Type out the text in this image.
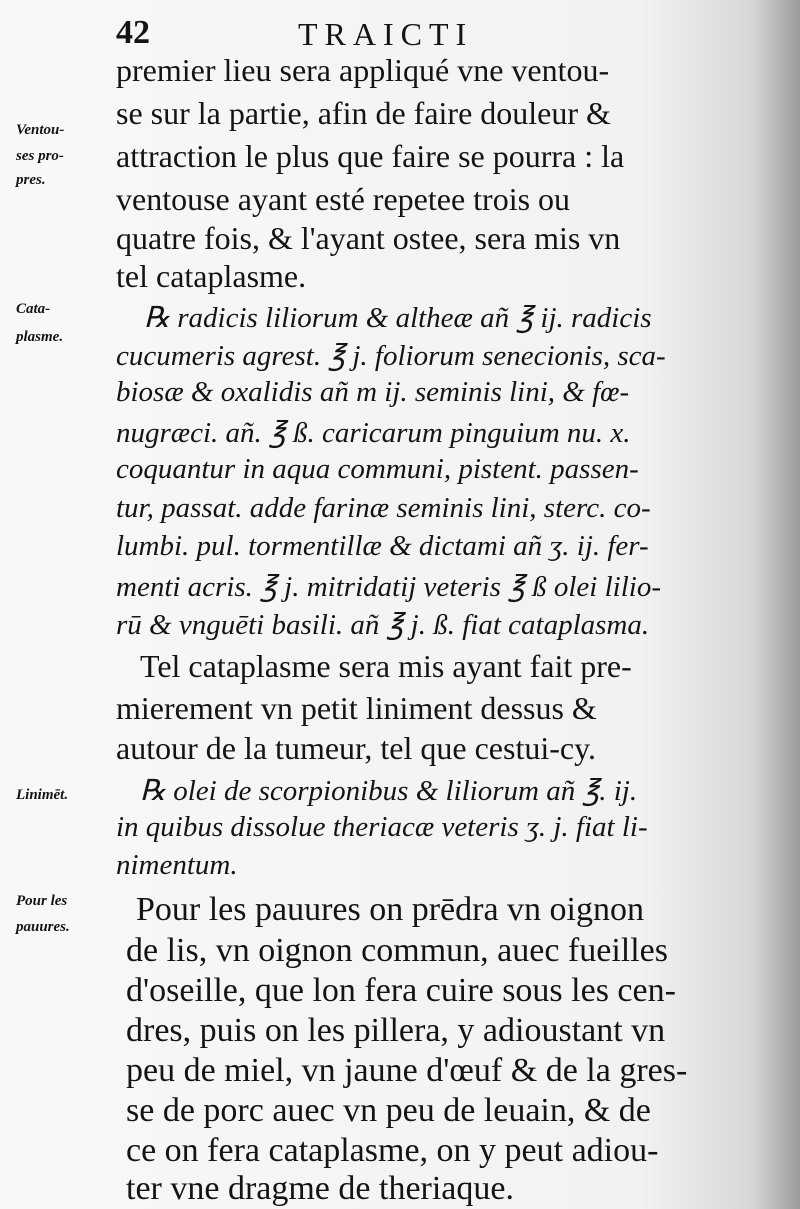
42	TRAICTI
Ventou-
ses pro-
pres.
Cata-
plasme.
Linimēt.
Pour les
pauures.
premier lieu sera appliqué vne ventou-
se sur la partie, afin de faire douleur &
attraction le plus que faire se pourra : la
ventouse ayant esté repetee trois ou
quatre fois, & l'ayant ostee, sera mis vn
tel cataplasme.
℞ radicis liliorum & altheæ añ ℥ ij. radicis
cucumeris agrest. ℥ j. foliorum senecionis, sca-
biosæ & oxalidis añ m ij. seminis lini, & fœ-
nugræci. añ. ℥ ß. caricarum pinguium nu. x.
coquantur in aqua communi, pistent. passen-
tur, passat. adde farinæ seminis lini, sterc. co-
lumbi. pul. tormentillæ & dictami añ ʒ. ij. fer-
menti acris. ℥ j. mitridatij veteris ℥ ß olei lilio-
rū & vnguēti basili. añ ℥ j. ß. fiat cataplasma.
Tel cataplasme sera mis ayant fait pre-
mierement vn petit liniment dessus &
autour de la tumeur, tel que cestui-cy.
℞ olei de scorpionibus & liliorum añ ℥. ij.
in quibus dissolue theriacæ veteris ʒ. j. fiat li-
nimentum.
Pour les pauures on prēdra vn oignon
de lis, vn oignon commun, auec fueilles
d'oseille, que lon fera cuire sous les cen-
dres, puis on les pillera, y adioustant vn
peu de miel, vn jaune d'œuf & de la gres-
se de porc auec vn peu de leuain, & de
ce on fera cataplasme, on y peut adiou-
ter vne dragme de theriaque.
